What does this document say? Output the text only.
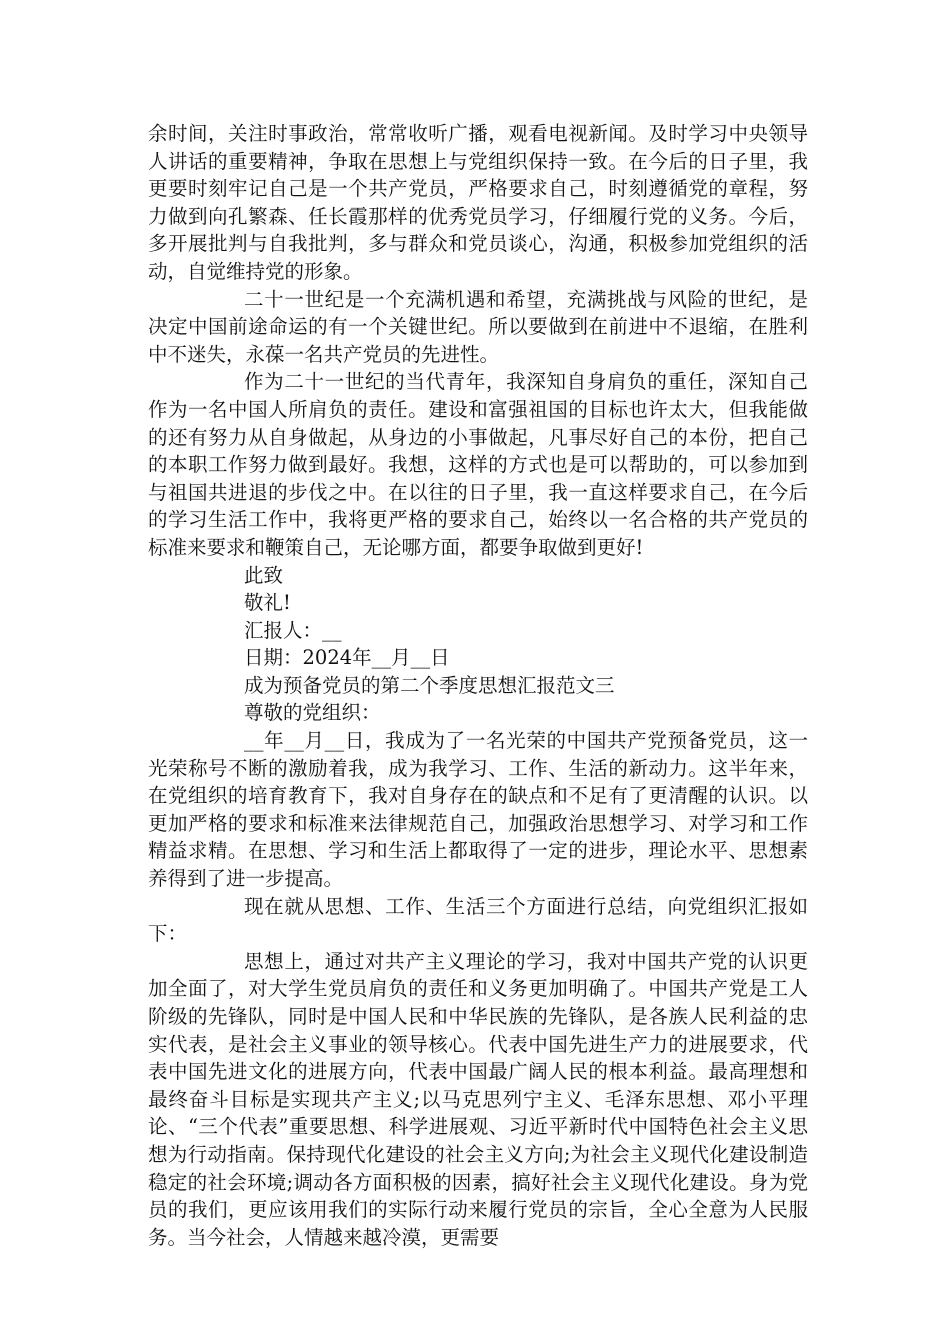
余时间，关注时事政治，常常收听广播，观看电视新闻。及时学习中央领导人讲话的重要精神，争取在思想上与党组织保持一致。在今后的日子里，我更要时刻牢记自己是一个共产党员，严格要求自己，时刻遵循党的章程，努力做到向孔繁森、任长霞那样的优秀党员学习，仔细履行党的义务。今后，多开展批判与自我批判，多与群众和党员谈心，沟通，积极参加党组织的活动，自觉维持党的形象。

二十一世纪是一个充满机遇和希望，充满挑战与风险的世纪，是决定中国前途命运的有一个关键世纪。所以要做到在前进中不退缩，在胜利中不迷失，永葆一名共产党员的先进性。

作为二十一世纪的当代青年，我深知自身肩负的重任，深知自己作为一名中国人所肩负的责任。建设和富强祖国的目标也许太大，但我能做的还有努力从自身做起，从身边的小事做起，凡事尽好自己的本份，把自己的本职工作努力做到最好。我想，这样的方式也是可以帮助的，可以参加到与祖国共进退的步伐之中。在以往的日子里，我一直这样要求自己，在今后的学习生活工作中，我将更严格的要求自己，始终以一名合格的共产党员的标准来要求和鞭策自己，无论哪方面，都要争取做到更好!

此致

敬礼!

汇报人：__

日期：2024年__月__日

成为预备党员的第二个季度思想汇报范文三

尊敬的党组织：

__年__月__日，我成为了一名光荣的中国共产党预备党员，这一光荣称号不断的激励着我，成为我学习、工作、生活的新动力。这半年来，在党组织的培育教育下，我对自身存在的缺点和不足有了更清醒的认识。以更加严格的要求和标准来法律规范自己，加强政治思想学习、对学习和工作精益求精。在思想、学习和生活上都取得了一定的进步，理论水平、思想素养得到了进一步提高。

现在就从思想、工作、生活三个方面进行总结，向党组织汇报如下：

思想上，通过对共产主义理论的学习，我对中国共产党的认识更加全面了，对大学生党员肩负的责任和义务更加明确了。中国共产党是工人阶级的先锋队，同时是中国人民和中华民族的先锋队，是各族人民利益的忠实代表，是社会主义事业的领导核心。代表中国先进生产力的进展要求，代表中国先进文化的进展方向，代表中国最广阔人民的根本利益。最高理想和最终奋斗目标是实现共产主义;以马克思列宁主义、毛泽东思想、邓小平理论、“三个代表”重要思想、科学进展观、习近平新时代中国特色社会主义思想为行动指南。保持现代化建设的社会主义方向;为社会主义现代化建设制造稳定的社会环境;调动各方面积极的因素，搞好社会主义现代化建设。身为党员的我们，更应该用我们的实际行动来履行党员的宗旨，全心全意为人民服务。当今社会，人情越来越冷漠，更需要
